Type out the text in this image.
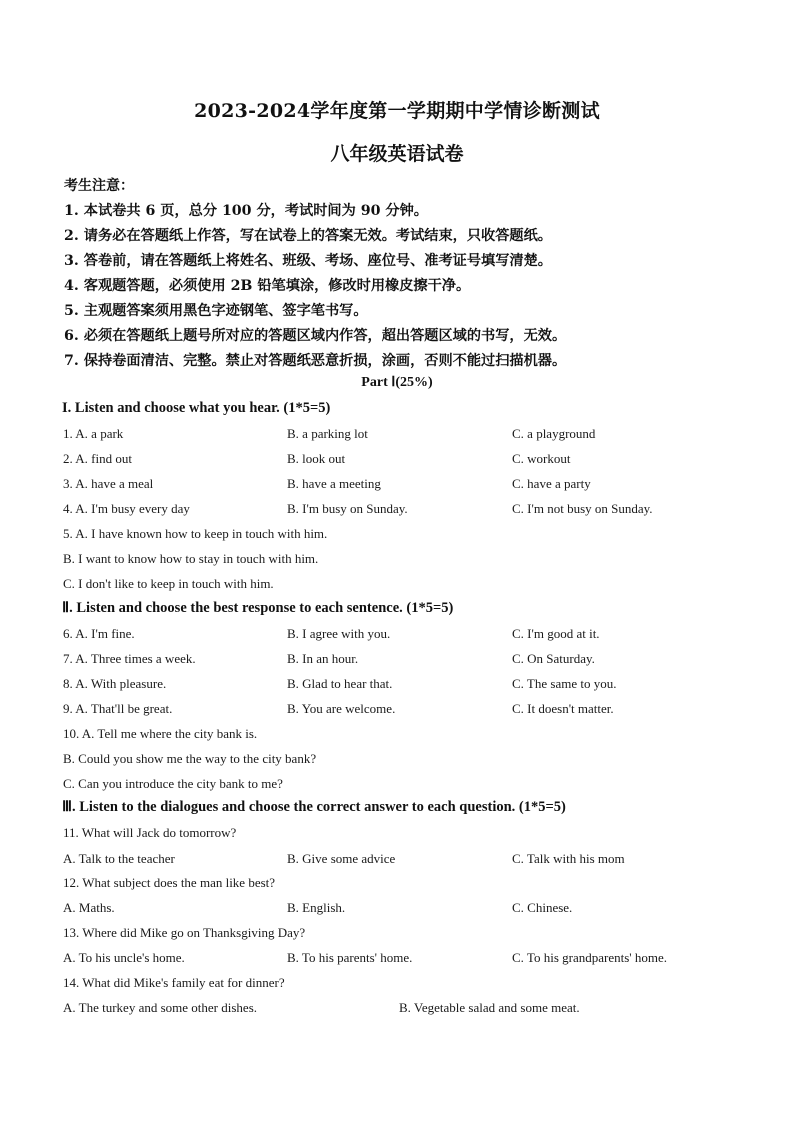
2023-2024学年度第一学期期中学情诊断测试
八年级英语试卷
考生注意：
1. 本试卷共 6 页，总分 100 分，考试时间为 90 分钟。
2. 请务必在答题纸上作答，写在试卷上的答案无效。考试结束，只收答题纸。
3. 答卷前，请在答题纸上将姓名、班级、考场、座位号、准考证号填写清楚。
4. 客观题答题，必须使用 2B 铅笔填涂，修改时用橡皮擦干净。
5. 主观题答案须用黑色字迹钢笔、签字笔书写。
6. 必须在答题纸上题号所对应的答题区域内作答，超出答题区域的书写，无效。
7. 保持卷面清洁、完整。禁止对答题纸恶意折损，涂画，否则不能过扫描机器。
Part Ⅰ(25%)
I. Listen and choose what you hear. (1*5=5)
1. A. a park	B. a parking lot	C. a playground
2. A. find out	B. look out	C. workout
3. A. have a meal	B. have a meeting	C. have a party
4. A. I'm busy every day	B. I'm busy on Sunday.	C. I'm not busy on Sunday.
5. A. I have known how to keep in touch with him.
B. I want to know how to stay in touch with him.
C. I don't like to keep in touch with him.
Ⅱ. Listen and choose the best response to each sentence. (1*5=5)
6. A. I'm fine.	B. I agree with you.	C. I'm good at it.
7. A. Three times a week.	B. In an hour.	C. On Saturday.
8. A. With pleasure.	B. Glad to hear that.	C. The same to you.
9. A. That'll be great.	B. You are welcome.	C. It doesn't matter.
10. A. Tell me where the city bank is.
B. Could you show me the way to the city bank?
C. Can you introduce the city bank to me?
Ⅲ. Listen to the dialogues and choose the correct answer to each question. (1*5=5)
11. What will Jack do tomorrow?
A. Talk to the teacher	B. Give some advice	C. Talk with his mom
12. What subject does the man like best?
A. Maths.	B. English.	C. Chinese.
13. Where did Mike go on Thanksgiving Day?
A. To his uncle's home.	B. To his parents' home.	C. To his grandparents' home.
14. What did Mike's family eat for dinner?
A. The turkey and some other dishes.	B. Vegetable salad and some meat.
